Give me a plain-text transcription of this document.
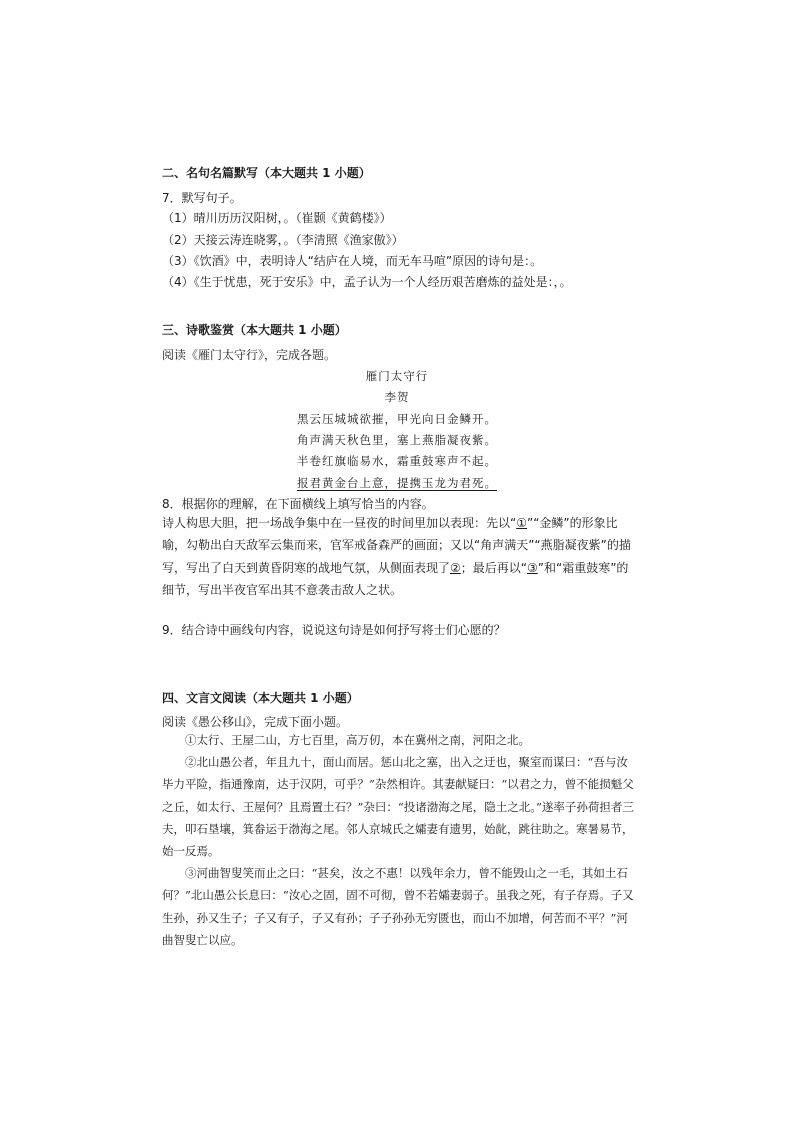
二、名句名篇默写（本大题共 1 小题）
7．默写句子。
（1）晴川历历汉阳树，。（崔颢《黄鹤楼》）
（2）天接云涛连晓雾，。（李清照《渔家傲》）
（3）《饮酒》中，表明诗人“结庐在人境，而无车马喧”原因的诗句是：。
（4）《生于忧患，死于安乐》中，孟子认为一个人经历艰苦磨炼的益处是：，。
三、诗歌鉴赏（本大题共 1 小题）
阅读《雁门太守行》，完成各题。
雁门太守行
李贺
黑云压城城欲摧，甲光向日金鳞开。
角声满天秋色里，塞上燕脂凝夜紫。
半卷红旗临易水，霜重鼓寒声不起。
报君黄金台上意，提携玉龙为君死。
8．根据你的理解，在下面横线上填写恰当的内容。
诗人构思大胆，把一场战争集中在一昼夜的时间里加以表现：先以“①”“金鳞”的形象比喻，勾勒出白天敌军云集而来，官军戒备森严的画面；又以“角声满天”“燕脂凝夜紫”的描写，写出了白天到黄昏阴寒的战地气氛，从侧面表现了②；最后再以“③”和“霜重鼓寒”的细节，写出半夜官军出其不意袭击敌人之状。
9．结合诗中画线句内容，说说这句诗是如何抒写将士们心愿的？
四、文言文阅读（本大题共 1 小题）
阅读《愚公移山》，完成下面小题。
①太行、王屋二山，方七百里，高万仞，本在冀州之南，河阳之北。
②北山愚公者，年且九十，面山而居。惩山北之塞，出入之迂也，聚室而谋曰：“吾与汝毕力平险，指通豫南，达于汉阴，可乎？”杂然相许。其妻献疑曰：“以君之力，曾不能损魁父之丘，如太行、王屋何？且焉置土石？”杂曰：“投诸渤海之尾，隐土之北。”遂率子孙荷担者三夫，叩石垦壤，箕畚运于渤海之尾。邻人京城氏之孀妻有遗男，始龀，跳往助之。寒暑易节，始一反焉。
③河曲智叟笑而止之曰：“甚矣，汝之不惠！以残年余力，曾不能毁山之一毛，其如土石何？”北山愚公长息曰：“汝心之固，固不可彻，曾不若孀妻弱子。虽我之死，有子存焉。子又生孙，孙又生子；子又有子，子又有孙；子子孙孙无穷匮也，而山不加增，何苦而不平？”河曲智叟亡以应。
